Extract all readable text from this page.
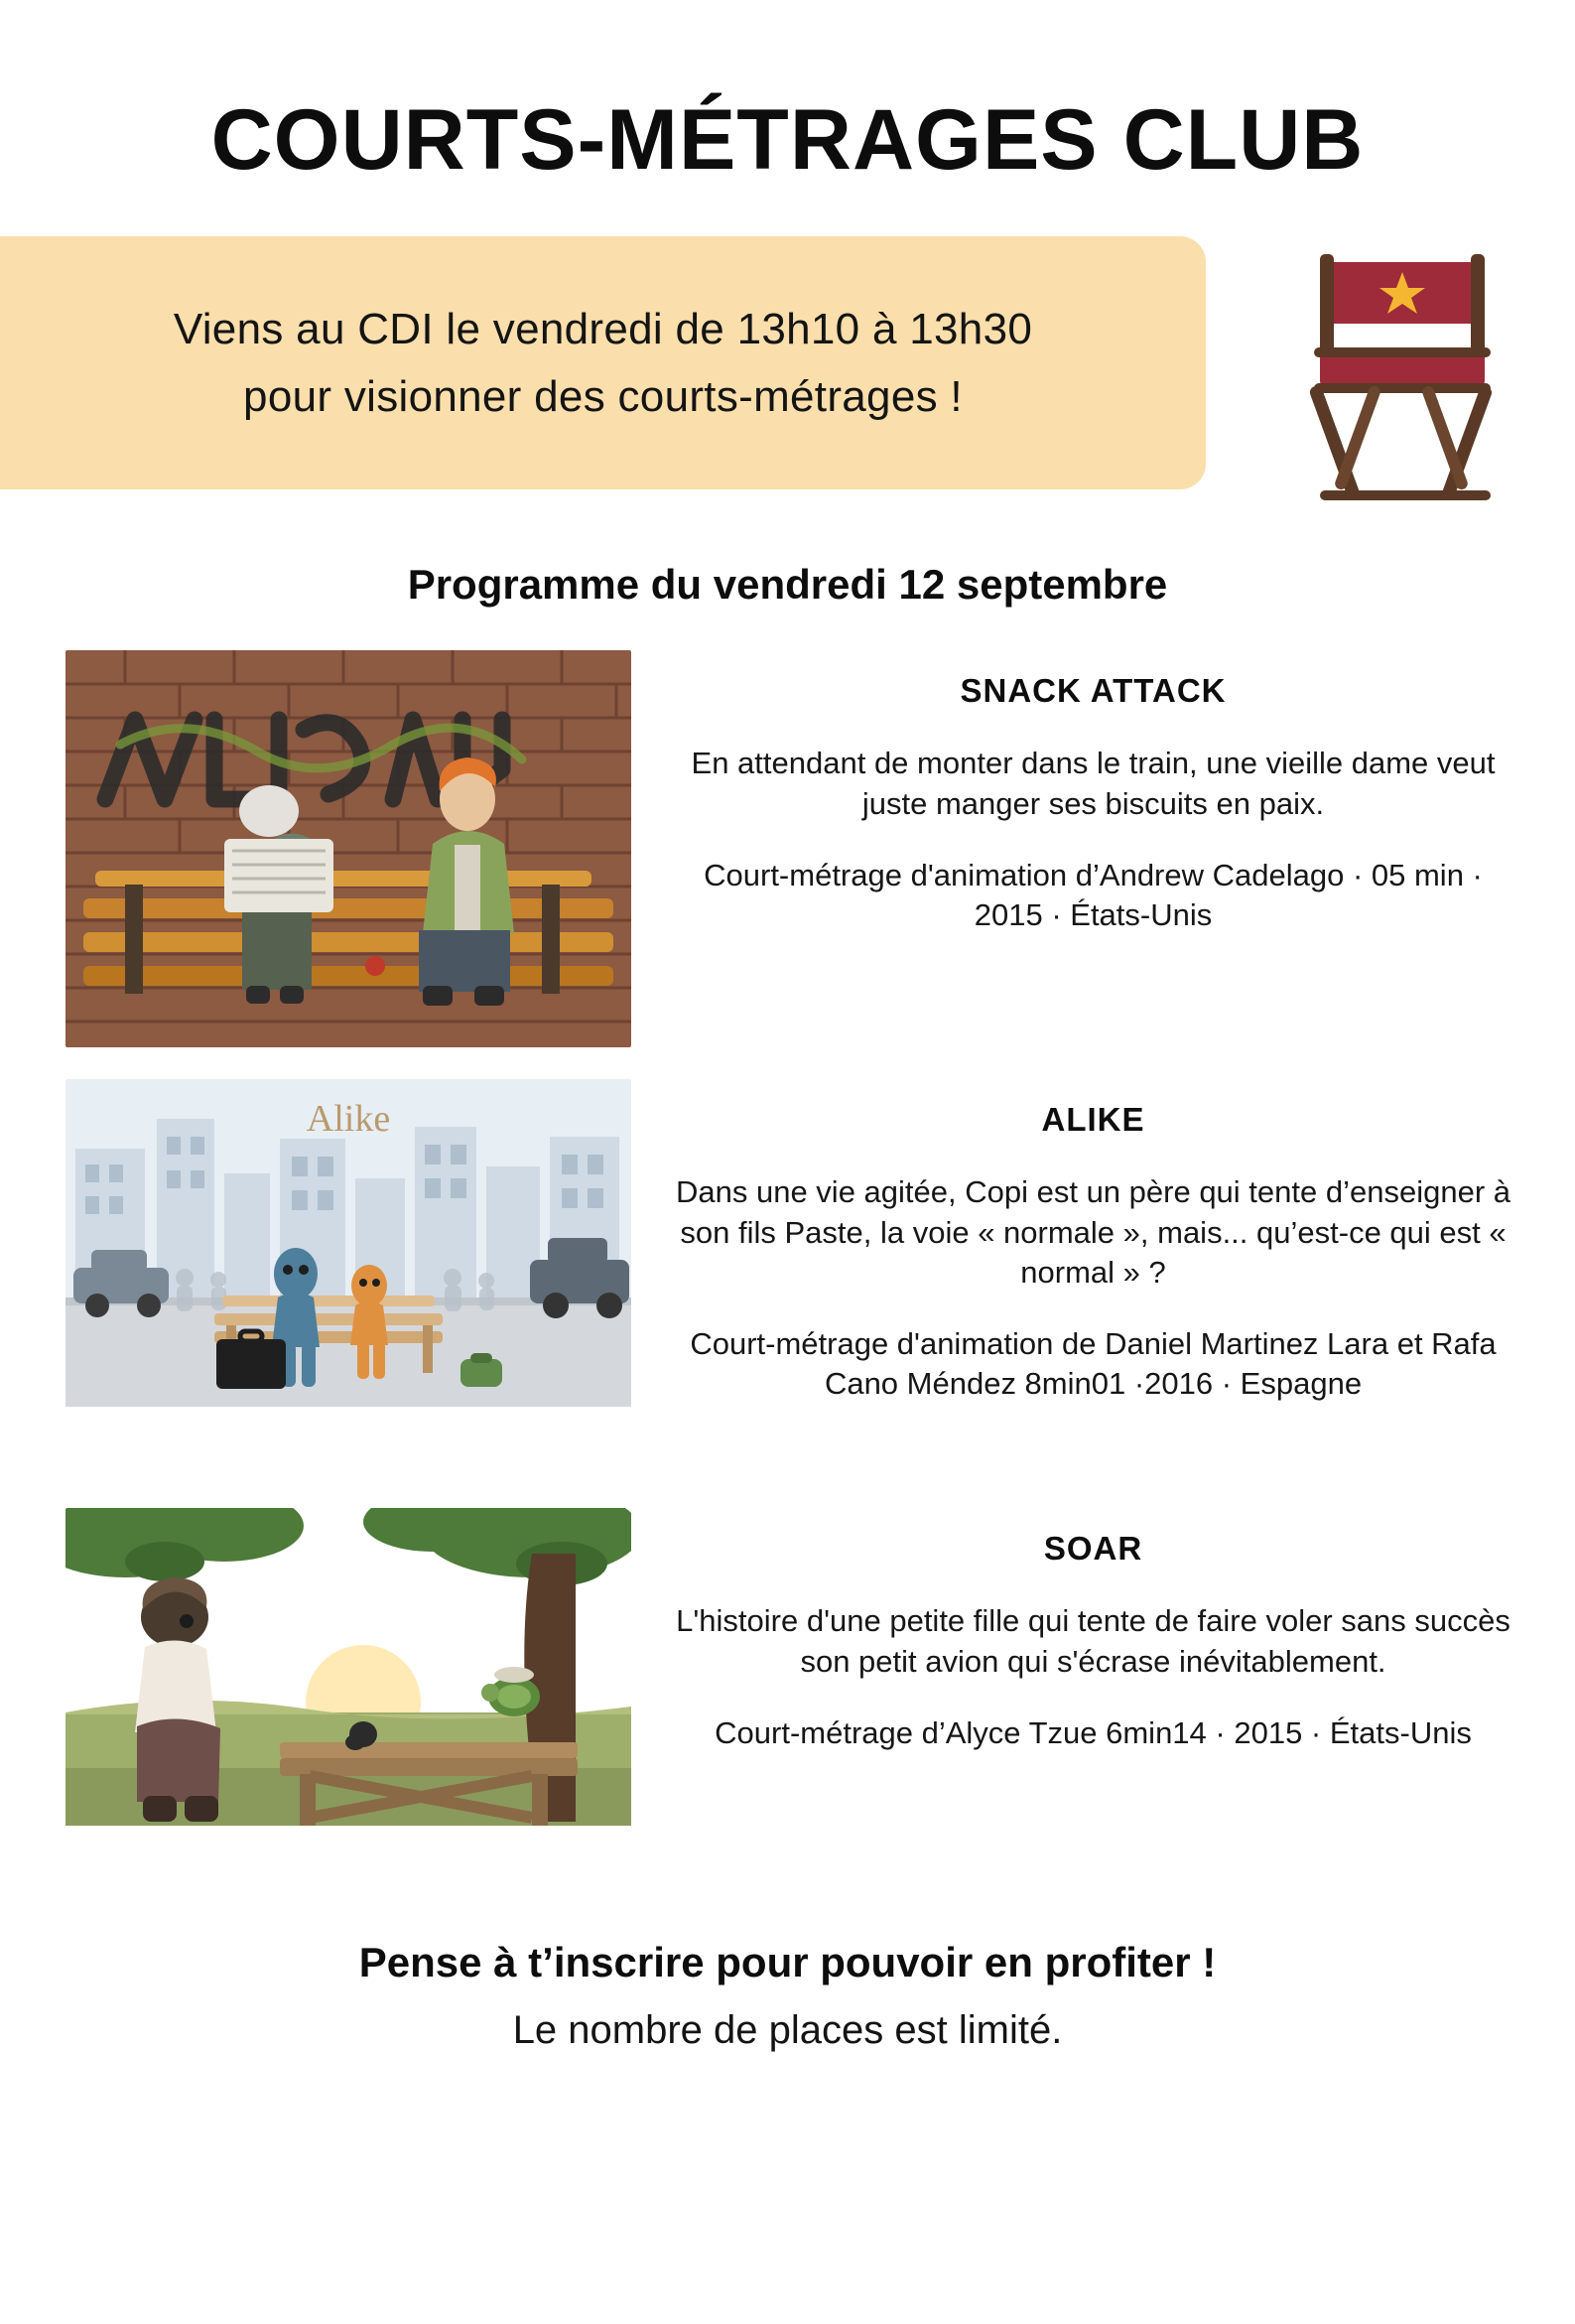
COURTS-MÉTRAGES CLUB
Viens au CDI le vendredi de 13h10 à 13h30
pour visionner des courts-métrages !
Programme du vendredi 12 septembre
SNACK ATTACK
En attendant de monter dans le train, une vieille dame veut juste manger ses biscuits en paix.
Court-métrage d'animation d’Andrew Cadelago · 05 min · 2015 · États-Unis
Alike	ALIKE
Dans une vie agitée, Copi est un père qui tente d’enseigner à son fils Paste, la voie « normale », mais... qu’est-ce qui est « normal » ?
Court-métrage d'animation de Daniel Martinez Lara et Rafa Cano Méndez 8min01 ·2016 · Espagne
SOAR
L'histoire d'une petite fille qui tente de faire voler sans succès son petit avion qui s'écrase inévitablement.
Court-métrage d’Alyce Tzue 6min14 · 2015 · États-Unis
Pense à t’inscrire pour pouvoir en profiter !
Le nombre de places est limité.
